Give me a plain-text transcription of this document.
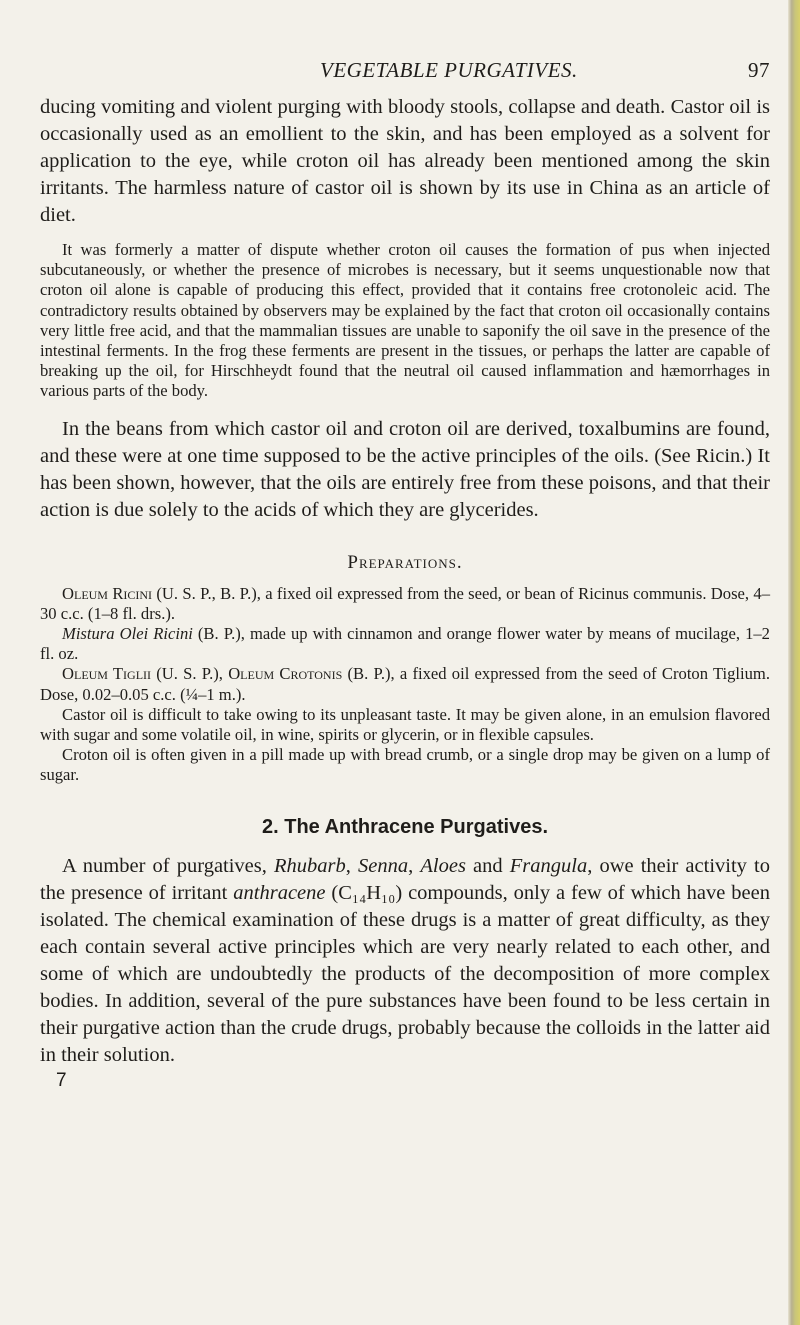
VEGETABLE PURGATIVES.	97

ducing vomiting and violent purging with bloody stools, collapse and death. Castor oil is occasionally used as an emollient to the skin, and has been employed as a solvent for application to the eye, while croton oil has already been mentioned among the skin irritants. The harmless nature of castor oil is shown by its use in China as an article of diet.

It was formerly a matter of dispute whether croton oil causes the formation of pus when injected subcutaneously, or whether the presence of microbes is necessary, but it seems unquestionable now that croton oil alone is capable of producing this effect, provided that it contains free crotonoleic acid. The contradictory results obtained by observers may be explained by the fact that croton oil occasionally contains very little free acid, and that the mammalian tissues are unable to saponify the oil save in the presence of the intestinal ferments. In the frog these ferments are present in the tissues, or perhaps the latter are capable of breaking up the oil, for Hirschheydt found that the neutral oil caused inflammation and hæmorrhages in various parts of the body.

In the beans from which castor oil and croton oil are derived, toxalbumins are found, and these were at one time supposed to be the active principles of the oils. (See Ricin.) It has been shown, however, that the oils are entirely free from these poisons, and that their action is due solely to the acids of which they are glycerides.

Preparations.

Oleum Ricini (U. S. P., B. P.), a fixed oil expressed from the seed, or bean of Ricinus communis. Dose, 4–30 c.c. (1–8 fl. drs.).

Mistura Olei Ricini (B. P.), made up with cinnamon and orange flower water by means of mucilage, 1–2 fl. oz.

Oleum Tiglii (U. S. P.), Oleum Crotonis (B. P.), a fixed oil expressed from the seed of Croton Tiglium. Dose, 0.02–0.05 c.c. (¼–1 m.).

Castor oil is difficult to take owing to its unpleasant taste. It may be given alone, in an emulsion flavored with sugar and some volatile oil, in wine, spirits or glycerin, or in flexible capsules.

Croton oil is often given in a pill made up with bread crumb, or a single drop may be given on a lump of sugar.

2. The Anthracene Purgatives.

A number of purgatives, Rhubarb, Senna, Aloes and Frangula, owe their activity to the presence of irritant anthracene (C₁₄H₁₀) compounds, only a few of which have been isolated. The chemical examination of these drugs is a matter of great difficulty, as they each contain several active principles which are very nearly related to each other, and some of which are undoubtedly the products of the decomposition of more complex bodies. In addition, several of the pure substances have been found to be less certain in their purgative action than the crude drugs, probably because the colloids in the latter aid in their solution.

7
